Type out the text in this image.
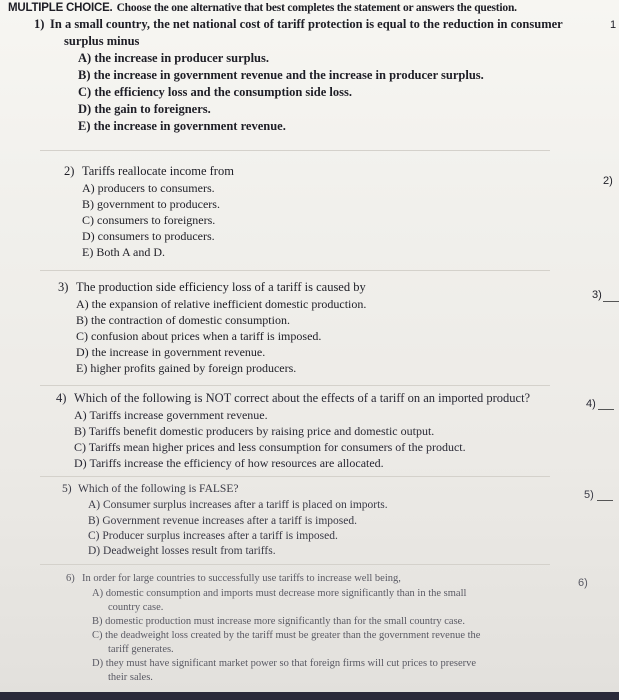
MULTIPLE CHOICE. Choose the one alternative that best completes the statement or answers the question.
1) In a small country, the net national cost of tariff protection is equal to the reduction in consumer
surplus minus
1
A) the increase in producer surplus.
B) the increase in government revenue and the increase in producer surplus.
C) the efficiency loss and the consumption side loss.
D) the gain to foreigners.
E) the increase in government revenue.
2) Tariffs reallocate income from
2)
A) producers to consumers.
B) government to producers.
C) consumers to foreigners.
D) consumers to producers.
E) Both A and D.
3) The production side efficiency loss of a tariff is caused by
3)
A) the expansion of relative inefficient domestic production.
B) the contraction of domestic consumption.
C) confusion about prices when a tariff is imposed.
D) the increase in government revenue.
E) higher profits gained by foreign producers.
4) Which of the following is NOT correct about the effects of a tariff on an imported product?	4)
A) Tariffs increase government revenue.
B) Tariffs benefit domestic producers by raising price and domestic output.
C) Tariffs mean higher prices and less consumption for consumers of the product.
D) Tariffs increase the efficiency of how resources are allocated.
5) Which of the following is FALSE?	5)
A) Consumer surplus increases after a tariff is placed on imports.
B) Government revenue increases after a tariff is imposed.
C) Producer surplus increases after a tariff is imposed.
D) Deadweight losses result from tariffs.
6) In order for large countries to successfully use tariffs to increase well being,	6)
A) domestic consumption and imports must decrease more significantly than in the small
country case.
B) domestic production must increase more significantly than for the small country case.
C) the deadweight loss created by the tariff must be greater than the government revenue the
tariff generates.
D) they must have significant market power so that foreign firms will cut prices to preserve
their sales.
